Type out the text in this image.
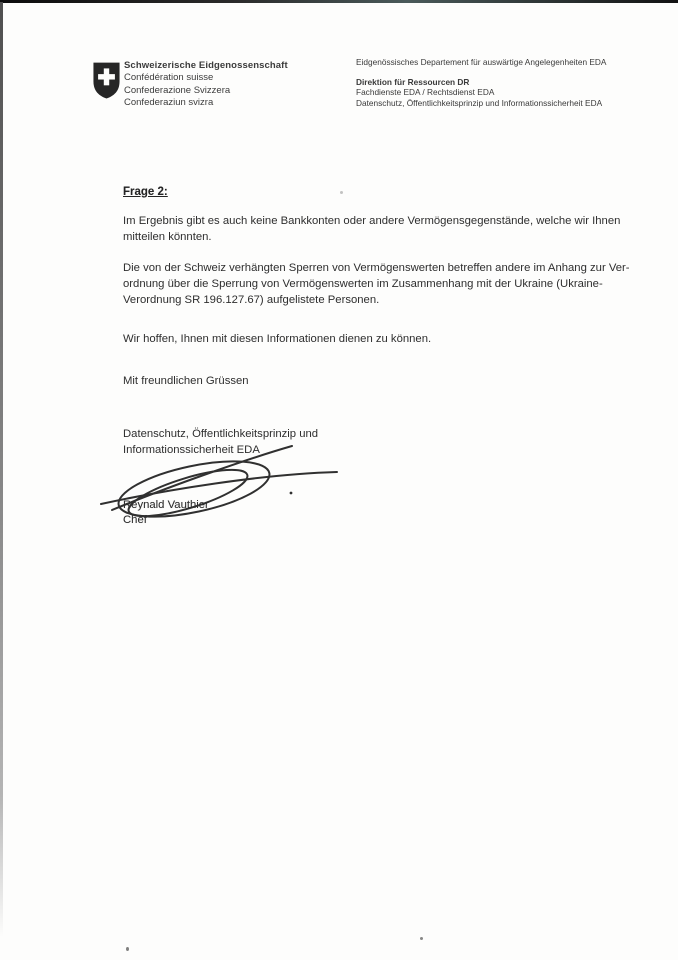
Schweizerische Eidgenossenschaft
Confédération suisse
Confederazione Svizzera
Confederaziun svizra
Eidgenössisches Departement für auswärtige Angelegenheiten EDA
Direktion für Ressourcen DR
Fachdienste EDA / Rechtsdienst EDA
Datenschutz, Öffentlichkeitsprinzip und Informationssicherheit EDA
Frage 2:
Im Ergebnis gibt es auch keine Bankkonten oder andere Vermögensgegenstände, welche wir Ihnen
mitteilen könnten.
Die von der Schweiz verhängten Sperren von Vermögenswerten betreffen andere im Anhang zur Ver-
ordnung über die Sperrung von Vermögenswerten im Zusammenhang mit der Ukraine (Ukraine-
Verordnung SR 196.127.67) aufgelistete Personen.
Wir hoffen, Ihnen mit diesen Informationen dienen zu können.
Mit freundlichen Grüssen
Datenschutz, Öffentlichkeitsprinzip und
Informationssicherheit EDA
Reynald Vauthier
Chef
